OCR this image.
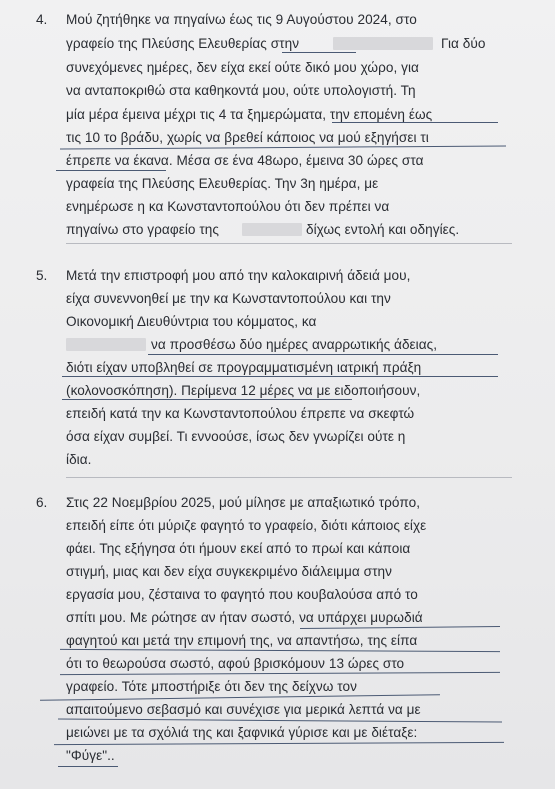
4. Μού ζητήθηκε να πηγαίνω έως τις 9 Αυγούστου 2024, στο
γραφείο της Πλεύσης Ελευθερίας στην	Για δύο
συνεχόμενες ημέρες, δεν είχα εκεί ούτε δικό μου χώρο, για
να ανταποκριθώ στα καθηκοντά μου, ούτε υπολογιστή. Τη
μία μέρα έμεινα μέχρι τις 4 τα ξημερώματα, την επομένη έως
τις 10 το βράδυ, χωρίς να βρεθεί κάποιος να μού εξηγήσει τι
έπρεπε να έκανα. Μέσα σε ένα 48ωρο, έμεινα 30 ώρες στα
γραφεία της Πλεύσης Ελευθερίας. Την 3η ημέρα, με
ενημέρωσε η κα Κωνσταντοπούλου ότι δεν πρέπει να
πηγαίνω στο γραφείο της	δίχως εντολή και οδηγίες.
5. Μετά την επιστροφή μου από την καλοκαιρινή άδειά μου,
είχα συνεννοηθεί με την κα Κωνσταντοπούλου και την
Οικονομική Διευθύντρια του κόμματος, κα
να προσθέσω δύο ημέρες αναρρωτικής άδειας,
διότι είχαν υποβληθεί σε προγραμματισμένη ιατρική πράξη
(κολονοσκόπηση). Περίμενα 12 μέρες να με ειδοποιήσουν,
επειδή κατά την κα Κωνσταντοπούλου έπρεπε να σκεφτώ
όσα είχαν συμβεί. Τι εννοούσε, ίσως δεν γνωρίζει ούτε η
ίδια.
6. Στις 22 Νοεμβρίου 2025, μού μίλησε με απαξιωτικό τρόπο,
επειδή είπε ότι μύριζε φαγητό το γραφείο, διότι κάποιος είχε
φάει. Της εξήγησα ότι ήμουν εκεί από το πρωί και κάποια
στιγμή, μιας και δεν είχα συγκεκριμένο διάλειμμα στην
εργασία μου, ζέσταινα το φαγητό που κουβαλούσα από το
σπίτι μου. Με ρώτησε αν ήταν σωστό, να υπάρχει μυρωδιά
φαγητού και μετά την επιμονή της, να απαντήσω, της είπα
ότι το θεωρούσα σωστό, αφού βρισκόμουν 13 ώρες στο
γραφείο. Τότε μποστήριξε ότι δεν της δείχνω τον
απαιτούμενο σεβασμό και συνέχισε για μερικά λεπτά να με
μειώνει με τα σχόλιά της και ξαφνικά γύρισε και με διέταξε:
"Φύγε"..
